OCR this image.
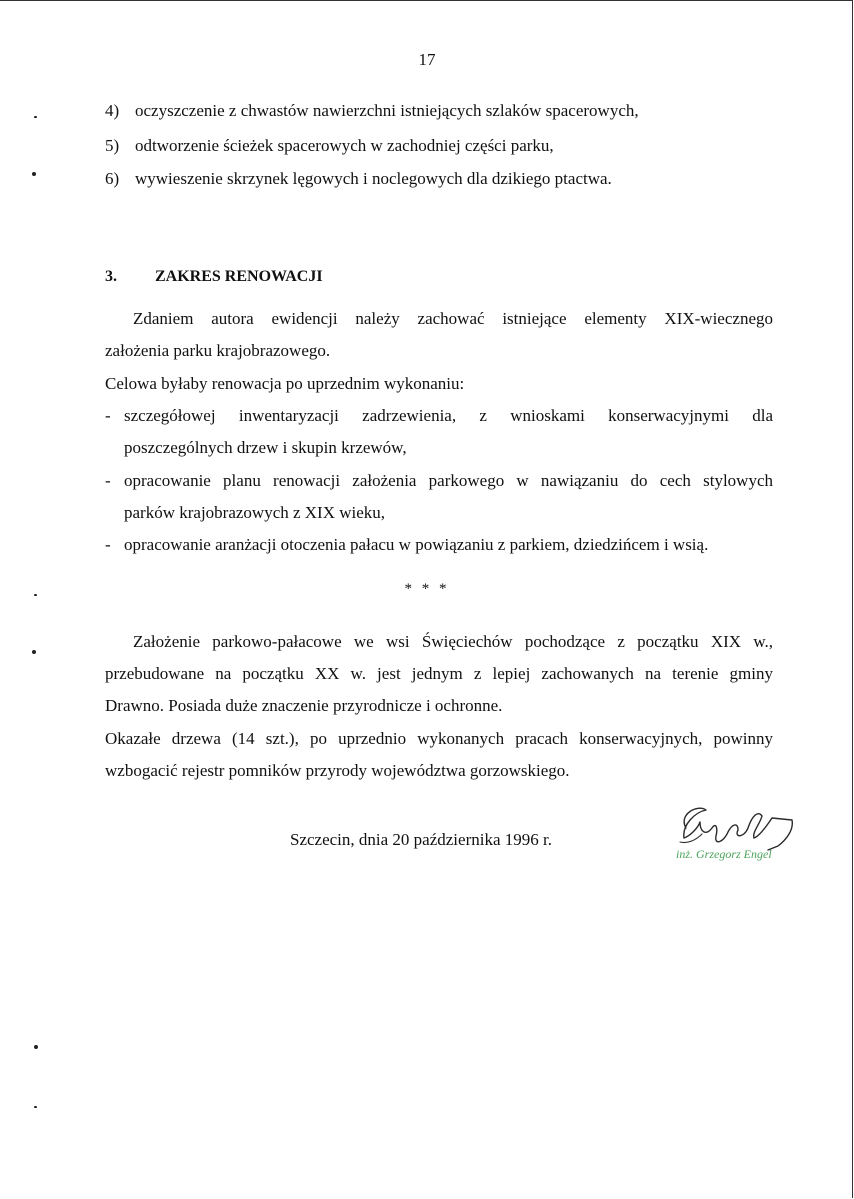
17
4) oczyszczenie z chwastów nawierzchni istniejących szlaków spacerowych,
5) odtworzenie ścieżek spacerowych w zachodniej części parku,
6) wywieszenie skrzynek lęgowych i noclegowych dla dzikiego ptactwa.
3. ZAKRES RENOWACJI
Zdaniem autora ewidencji należy zachować istniejące elementy XIX-wiecznego
założenia parku krajobrazowego.
Celowa byłaby renowacja po uprzednim wykonaniu:
- szczegółowej inwentaryzacji zadrzewienia, z wnioskami konserwacyjnymi dla
poszczególnych drzew i skupin krzewów,
- opracowanie planu renowacji założenia parkowego w nawiązaniu do cech stylowych
parków krajobrazowych z XIX wieku,
- opracowanie aranżacji otoczenia pałacu w powiązaniu z parkiem, dziedzińcem i wsią.
* * *
Założenie parkowo-pałacowe we wsi Święciechów pochodzące z początku XIX w.,
przebudowane na początku XX w. jest jednym z lepiej zachowanych na terenie gminy
Drawno. Posiada duże znaczenie przyrodnicze i ochronne.
Okazałe drzewa (14 szt.), po uprzednio wykonanych pracach konserwacyjnych, powinny
wzbogacić rejestr pomników przyrody województwa gorzowskiego.
Szczecin, dnia 20 października 1996 r.
inż. Grzegorz Engel
